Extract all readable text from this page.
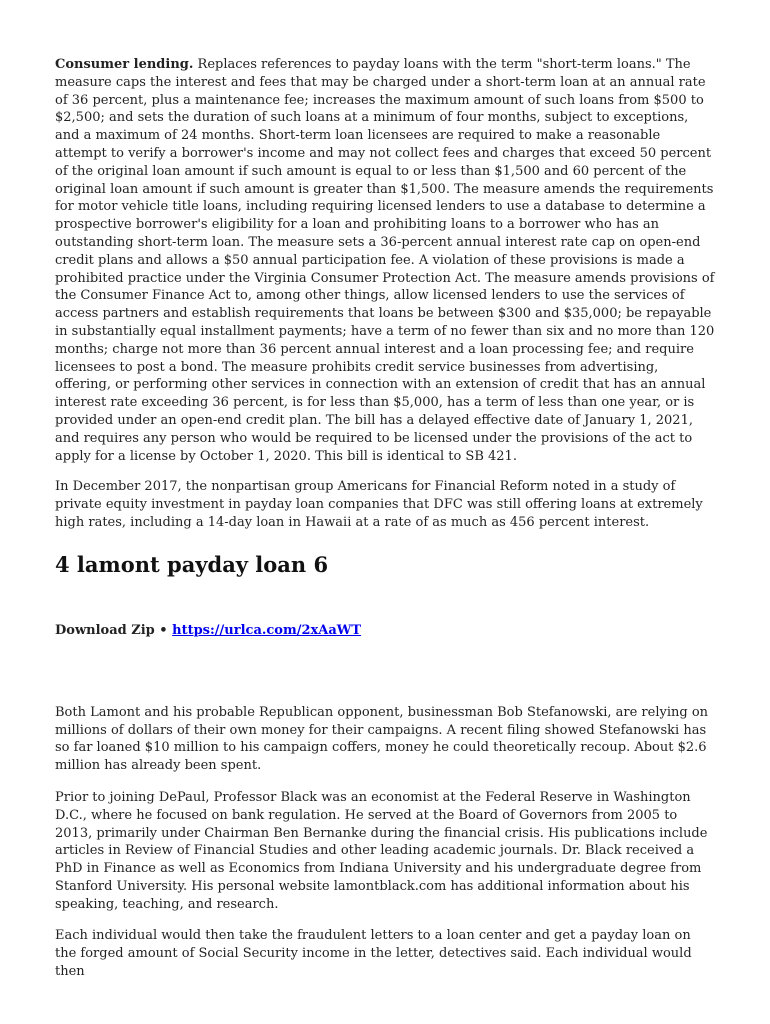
Consumer lending. Replaces references to payday loans with the term "short-term loans." The measure caps the interest and fees that may be charged under a short-term loan at an annual rate of 36 percent, plus a maintenance fee; increases the maximum amount of such loans from $500 to $2,500; and sets the duration of such loans at a minimum of four months, subject to exceptions, and a maximum of 24 months. Short-term loan licensees are required to make a reasonable attempt to verify a borrower's income and may not collect fees and charges that exceed 50 percent of the original loan amount if such amount is equal to or less than $1,500 and 60 percent of the original loan amount if such amount is greater than $1,500. The measure amends the requirements for motor vehicle title loans, including requiring licensed lenders to use a database to determine a prospective borrower's eligibility for a loan and prohibiting loans to a borrower who has an outstanding short-term loan. The measure sets a 36-percent annual interest rate cap on open-end credit plans and allows a $50 annual participation fee. A violation of these provisions is made a prohibited practice under the Virginia Consumer Protection Act. The measure amends provisions of the Consumer Finance Act to, among other things, allow licensed lenders to use the services of access partners and establish requirements that loans be between $300 and $35,000; be repayable in substantially equal installment payments; have a term of no fewer than six and no more than 120 months; charge not more than 36 percent annual interest and a loan processing fee; and require licensees to post a bond. The measure prohibits credit service businesses from advertising, offering, or performing other services in connection with an extension of credit that has an annual interest rate exceeding 36 percent, is for less than $5,000, has a term of less than one year, or is provided under an open-end credit plan. The bill has a delayed effective date of January 1, 2021, and requires any person who would be required to be licensed under the provisions of the act to apply for a license by October 1, 2020. This bill is identical to SB 421.

In December 2017, the nonpartisan group Americans for Financial Reform noted in a study of private equity investment in payday loan companies that DFC was still offering loans at extremely high rates, including a 14-day loan in Hawaii at a rate of as much as 456 percent interest.

4 lamont payday loan 6
Download Zip • https://urlca.com/2xAaWT

Both Lamont and his probable Republican opponent, businessman Bob Stefanowski, are relying on millions of dollars of their own money for their campaigns. A recent filing showed Stefanowski has so far loaned $10 million to his campaign coffers, money he could theoretically recoup. About $2.6 million has already been spent.

Prior to joining DePaul, Professor Black was an economist at the Federal Reserve in Washington D.C., where he focused on bank regulation. He served at the Board of Governors from 2005 to 2013, primarily under Chairman Ben Bernanke during the financial crisis. His publications include articles in Review of Financial Studies and other leading academic journals. Dr. Black received a PhD in Finance as well as Economics from Indiana University and his undergraduate degree from Stanford University. His personal website lamontblack.com has additional information about his speaking, teaching, and research.

Each individual would then take the fraudulent letters to a loan center and get a payday loan on the forged amount of Social Security income in the letter, detectives said. Each individual would then
